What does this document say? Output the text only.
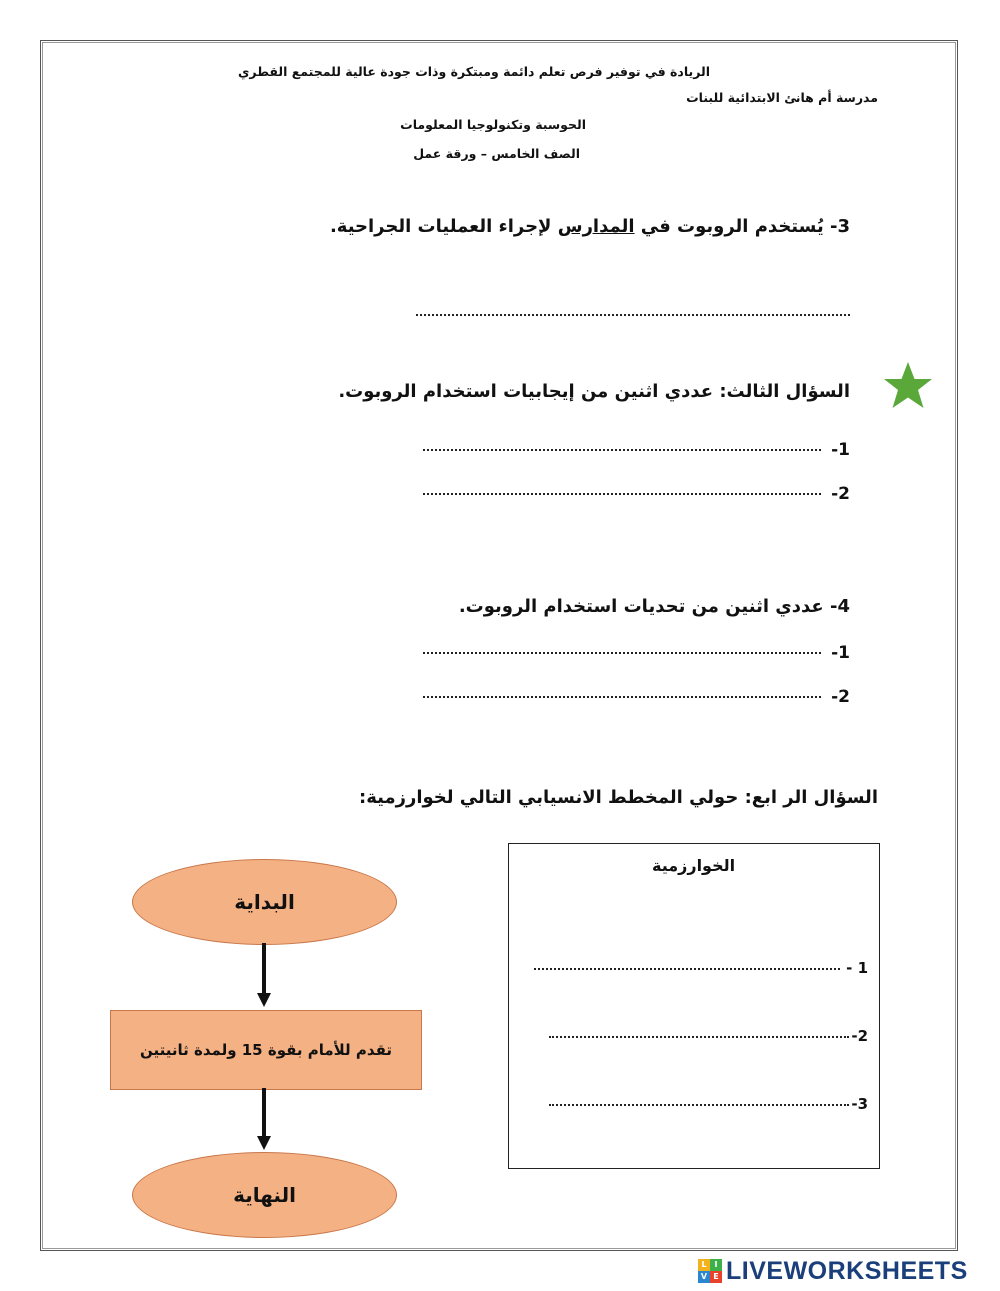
الريادة في توفير فرص تعلم دائمة ومبتكرة وذات جودة عالية للمجتمع القطري
مدرسة أم هانئ الابتدائية للبنات
الحوسبة وتكنولوجيا المعلومات
الصف الخامس – ورقة عمل
3- يُستخدم الروبوت في المدارس لإجراء العمليات الجراحية.
السؤال الثالث: عددي اثنين من إيجابيات استخدام الروبوت.
1-
2-
4- عددي اثنين من تحديات استخدام الروبوت.
1-
2-
السؤال الر ابع: حولي المخطط الانسيابي التالي لخوارزمية:
البداية
تقدم للأمام بقوة 15 ولمدة ثانيتين
النهاية
الخوارزمية
1 -
2-
3-
L I
V E LIVEWORKSHEETS
